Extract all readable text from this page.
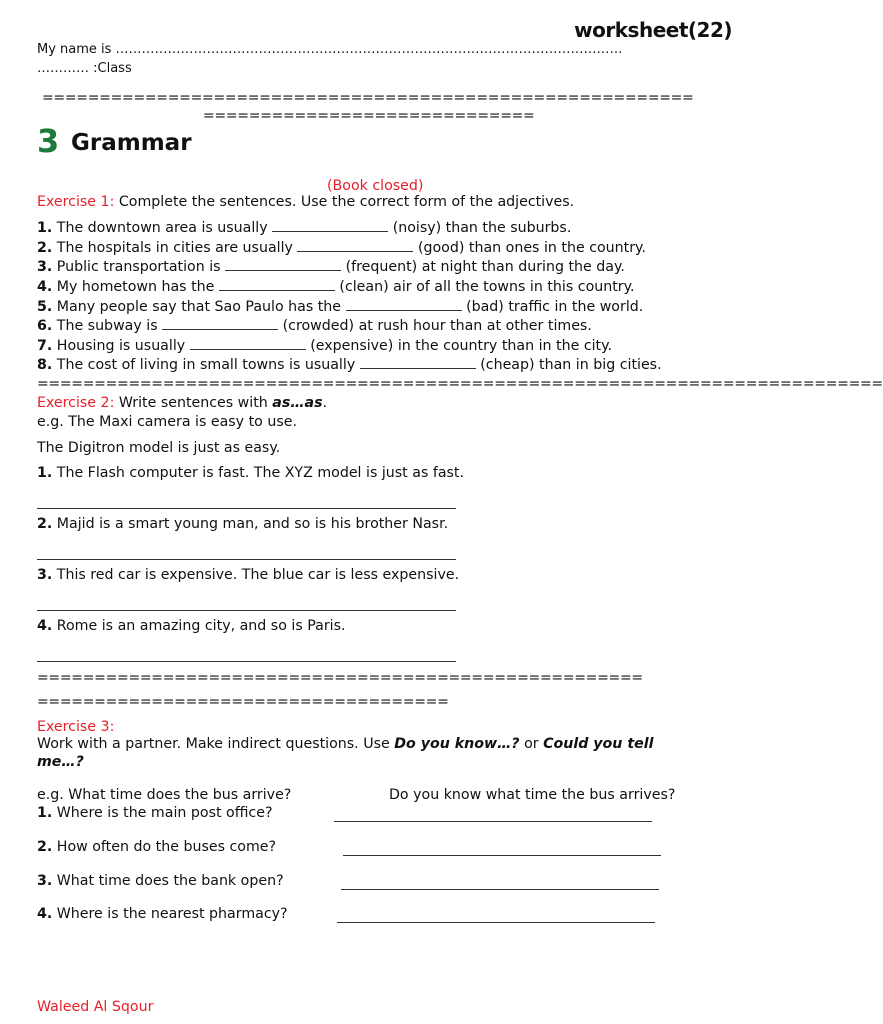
worksheet(22)
My name is ………………………………………………………………………………………………………
………… :Class
=========================================================
=============================
3 Grammar
(Book closed)
Exercise 1: Complete the sentences. Use the correct form of the adjectives.
1. The downtown area is usually	(noisy) than the suburbs.
2. The hospitals in cities are usually	(good) than ones in the country.
3. Public transportation is	(frequent) at night than during the day.
4. My hometown has the	(clean) air of all the towns in this country.
5. Many people say that Sao Paulo has the	(bad) traffic in the world.
6. The subway is	(crowded) at rush hour than at other times.
7. Housing is usually	(expensive) in the country than in the city.
8. The cost of living in small towns is usually	(cheap) than in big cities.
==========================================================================
Exercise 2: Write sentences with as…as.
e.g. The Maxi camera is easy to use.
The Digitron model is just as easy.
1. The Flash computer is fast. The XYZ model is just as fast.
2. Majid is a smart young man, and so is his brother Nasr.
3. This red car is expensive. The blue car is less expensive.
4. Rome is an amazing city, and so is Paris.
=====================================================
====================================
Exercise 3:
Work with a partner. Make indirect questions. Use Do you know…? or Could you tell
me…?
e.g. What time does the bus arrive?	Do you know what time the bus arrives?
1. Where is the main post office?
2. How often do the buses come?
3. What time does the bank open?
4. Where is the nearest pharmacy?
Waleed Al Sqour
